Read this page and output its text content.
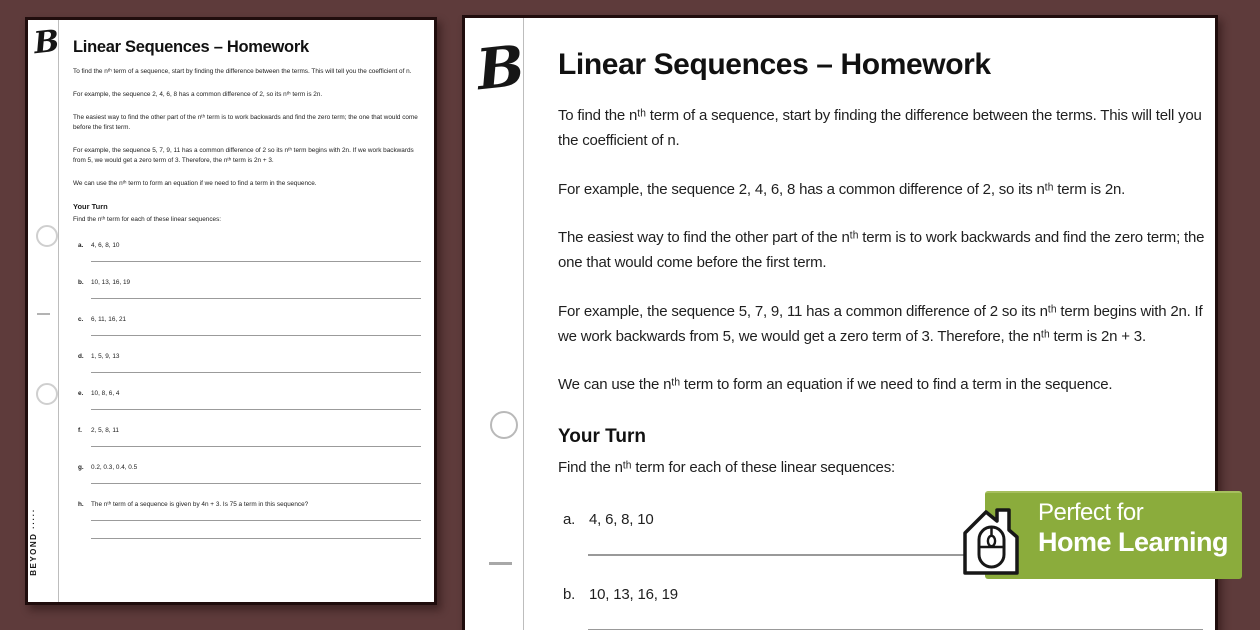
B
BEYOND ·····
Linear Sequences – Homework

To find the nᵗʰ term of a sequence, start by finding the difference between the terms. This will tell you the coefficient of n.

For example, the sequence 2, 4, 6, 8 has a common difference of 2, so its nᵗʰ term is 2n.

The easiest way to find the other part of the nᵗʰ term is to work backwards and find the zero term; the one that would come before the first term.

For example, the sequence 5, 7, 9, 11 has a common difference of 2 so its nᵗʰ term begins with 2n. If we work backwards from 5, we would get a zero term of 3. Therefore, the nᵗʰ term is 2n + 3.

We can use the nᵗʰ term to form an equation if we need to find a term in the sequence.

Your Turn

Find the nᵗʰ term for each of these linear sequences:

a.	4, 6, 8, 10
b.	10, 13, 16, 19
c.	6, 11, 16, 21
d.	1, 5, 9, 13
e.	10, 8, 6, 4
f.	2, 5, 8, 11
g.	0.2, 0.3, 0.4, 0.5
h.	The nᵗʰ term of a sequence is given by 4n + 3. Is 75 a term in this sequence?
B Linear Sequences – Homework

To find the nᵗʰ term of a sequence, start by finding the difference between the terms. This will tell you the coefficient of n.

For example, the sequence 2, 4, 6, 8 has a common difference of 2, so its nᵗʰ term is 2n.

The easiest way to find the other part of the nᵗʰ term is to work backwards and find the zero term; the one that would come before the first term.

For example, the sequence 5, 7, 9, 11 has a common difference of 2 so its nᵗʰ term begins with 2n. If we work backwards from 5, we would get a zero term of 3. Therefore, the nᵗʰ term is 2n + 3.

We can use the nᵗʰ term to form an equation if we need to find a term in the sequence.

Your Turn

Find the nᵗʰ term for each of these linear sequences:

a. 4, 6, 8, 10
b. 10, 13, 16, 19
Perfect for
Home Learning
